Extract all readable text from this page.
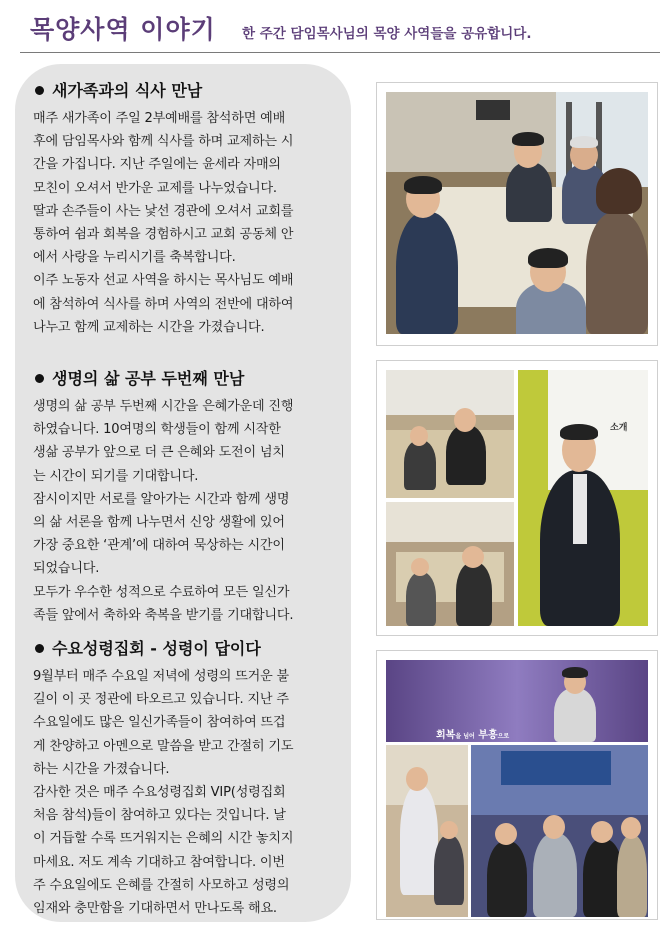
목양사역 이야기 한 주간 담임목사님의 목양 사역들을 공유합니다.
새가족과의 식사 만남

매주 새가족이 주일 2부예배를 참석하면 예배
후에 담임목사와 함께 식사를 하며 교제하는 시
간을 가집니다. 지난 주일에는 윤세라 자매의
모친이 오셔서 반가운 교제를 나누었습니다.
딸과 손주들이 사는 낯선 경관에 오셔서 교회를
통하여 쉼과 회복을 경험하시고 교회 공동체 안
에서 사랑을 누리시기를 축복합니다.
이주 노동자 선교 사역을 하시는 목사님도 예배
에 참석하여 식사를 하며 사역의 전반에 대하여
나누고 함께 교제하는 시간을 가졌습니다.

생명의 삶 공부 두번째 만남

생명의 삶 공부 두번째 시간을 은혜가운데 진행
하였습니다. 10여명의 학생들이 함께 시작한
생삶 공부가 앞으로 더 큰 은혜와 도전이 넘치
는 시간이 되기를 기대합니다.
잠시이지만 서로를 알아가는 시간과 함께 생명
의 삶 서론을 함께 나누면서 신앙 생활에 있어
가장 중요한 ‘관계’에 대하여 묵상하는 시간이
되었습니다.
모두가 우수한 성적으로 수료하여 모든 일신가
족들 앞에서 축하와 축복을 받기를 기대합니다.

수요성령집회 - 성령이 답이다

9월부터 매주 수요일 저녁에 성령의 뜨거운 불
길이 이 곳 정관에 타오르고 있습니다. 지난 주
수요일에도 많은 일신가족들이 참여하여 뜨겁
게 찬양하고 아멘으로 말씀을 받고 간절히 기도
하는 시간을 가졌습니다.
감사한 것은 매주 수요성령집회 VIP(성령집회
처음 참석)들이 참여하고 있다는 것입니다. 날
이 거듭할 수록 뜨거워지는 은혜의 시간 놓치지
마세요. 저도 계속 기대하고 참여합니다. 이번
주 수요일에도 은혜를 간절히 사모하고 성령의
임재와 충만함을 기대하면서 만나도록 해요.

소개
회복을 넘어 부흥으로
